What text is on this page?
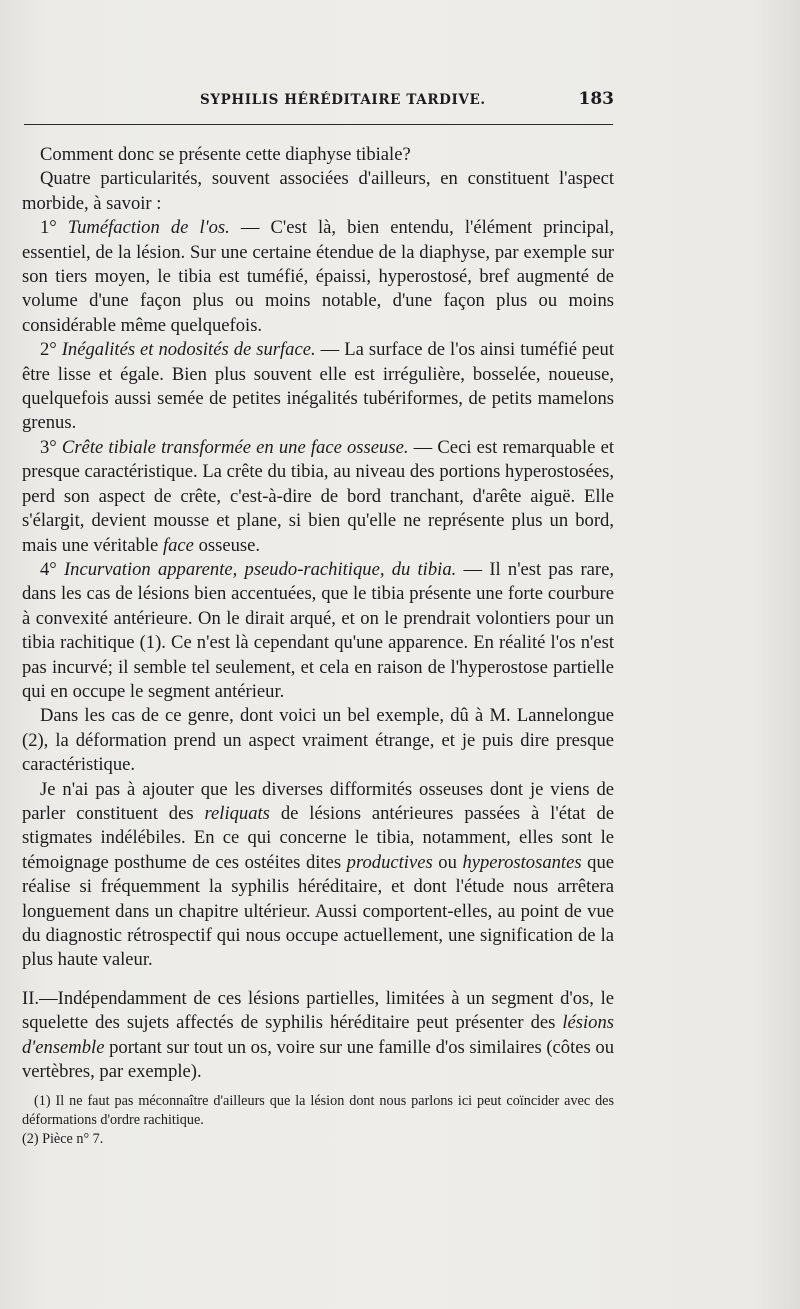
SYPHILIS HÉRÉDITAIRE TARDIVE.	183

Comment donc se présente cette diaphyse tibiale?

Quatre particularités, souvent associées d'ailleurs, en constituent l'aspect morbide, à savoir :

1° Tuméfaction de l'os. — C'est là, bien entendu, l'élément principal, essentiel, de la lésion. Sur une certaine étendue de la diaphyse, par exemple sur son tiers moyen, le tibia est tuméfié, épaissi, hyperostosé, bref augmenté de volume d'une façon plus ou moins notable, d'une façon plus ou moins considérable même quelquefois.

2° Inégalités et nodosités de surface. — La surface de l'os ainsi tuméfié peut être lisse et égale. Bien plus souvent elle est irrégulière, bosselée, noueuse, quelquefois aussi semée de petites inégalités tubériformes, de petits mamelons grenus.

3° Crête tibiale transformée en une face osseuse. — Ceci est remarquable et presque caractéristique. La crête du tibia, au niveau des portions hyperostosées, perd son aspect de crête, c'est-à-dire de bord tranchant, d'arête aiguë. Elle s'élargit, devient mousse et plane, si bien qu'elle ne représente plus un bord, mais une véritable face osseuse.

4° Incurvation apparente, pseudo-rachitique, du tibia. — Il n'est pas rare, dans les cas de lésions bien accentuées, que le tibia présente une forte courbure à convexité antérieure. On le dirait arqué, et on le prendrait volontiers pour un tibia rachitique (1). Ce n'est là cependant qu'une apparence. En réalité l'os n'est pas incurvé; il semble tel seulement, et cela en raison de l'hyperostose partielle qui en occupe le segment antérieur.

Dans les cas de ce genre, dont voici un bel exemple, dû à M. Lannelongue (2), la déformation prend un aspect vraiment étrange, et je puis dire presque caractéristique.

Je n'ai pas à ajouter que les diverses difformités osseuses dont je viens de parler constituent des reliquats de lésions antérieures passées à l'état de stigmates indélébiles. En ce qui concerne le tibia, notamment, elles sont le témoignage posthume de ces ostéites dites productives ou hyperostosantes que réalise si fréquemment la syphilis héréditaire, et dont l'étude nous arrêtera longuement dans un chapitre ultérieur. Aussi comportent-elles, au point de vue du diagnostic rétrospectif qui nous occupe actuellement, une signification de la plus haute valeur.

II.—Indépendamment de ces lésions partielles, limitées à un segment d'os, le squelette des sujets affectés de syphilis héréditaire peut présenter des lésions d'ensemble portant sur tout un os, voire sur une famille d'os similaires (côtes ou vertèbres, par exemple).

(1) Il ne faut pas méconnaître d'ailleurs que la lésion dont nous parlons ici peut coïncider avec des déformations d'ordre rachitique.

(2) Pièce n° 7.
